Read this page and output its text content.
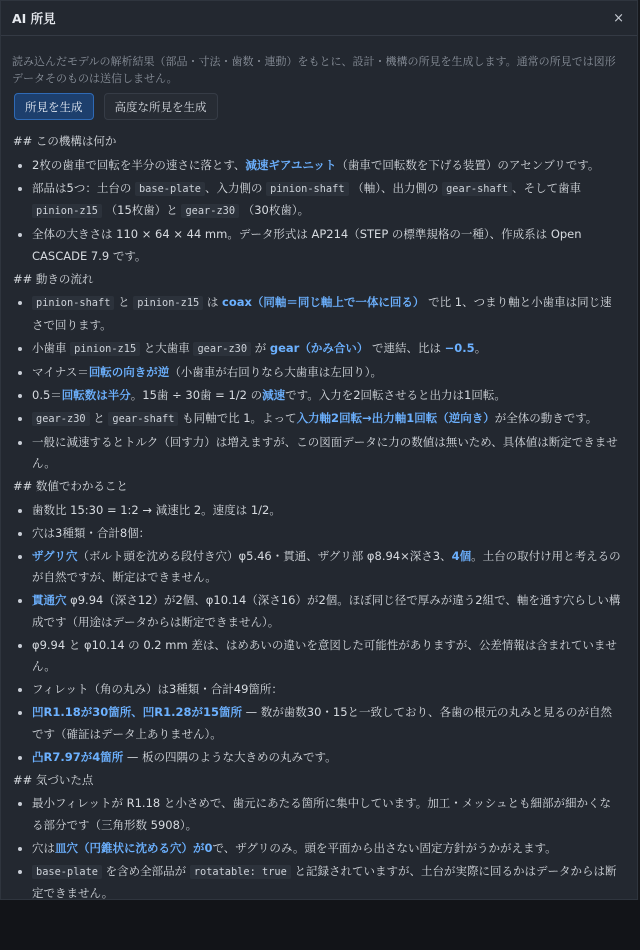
AI 所見	×
読み込んだモデルの解析結果（部品・寸法・歯数・連動）をもとに、設計・機構の所見を生成します。通常の所見では図形データそのものは送信しません。
所見を生成	高度な所見を生成
## この機構は何か
• 2枚の歯車で回転を半分の速さに落とす、減速ギアユニット（歯車で回転数を下げる装置）のアセンブリです。
• 部品は5つ：土台の base-plate 、入力側の pinion-shaft （軸）、出力側の gear-shaft 、そして歯車 pinion-z15 （15枚歯）と gear-z30 （30枚歯）。
• 全体の大きさは 110 × 64 × 44 mm。データ形式は AP214（STEP の標準規格の一種）、作成系は Open CASCADE 7.9 です。
## 動きの流れ
• pinion-shaft と pinion-z15 は coax（同軸＝同じ軸上で一体に回る） で比 1、つまり軸と小歯車は同じ速さで回ります。
• 小歯車 pinion-z15 と大歯車 gear-z30 が gear（かみ合い） で連結、比は −0.5。
• マイナス＝回転の向きが逆（小歯車が右回りなら大歯車は左回り）。
• 0.5＝回転数は半分。15歯 ÷ 30歯 = 1/2 の減速です。入力を2回転させると出力は1回転。
• gear-z30 と gear-shaft も同軸で比 1。よって入力軸2回転→出力軸1回転（逆向き）が全体の動きです。
• 一般に減速するとトルク（回す力）は増えますが、この図面データに力の数値は無いため、具体値は断定できません。
## 数値でわかること
• 歯数比 15:30 = 1:2 → 減速比 2。速度は 1/2。
• 穴は3種類・合計8個：
• ザグリ穴（ボルト頭を沈める段付き穴）φ5.46・貫通、ザグリ部 φ8.94×深さ3、4個。土台の取付け用と考えるのが自然ですが、断定はできません。
• 貫通穴 φ9.94（深さ12）が2個、φ10.14（深さ16）が2個。ほぼ同じ径で厚みが違う2組で、軸を通す穴らしい構成です（用途はデータからは断定できません）。
• φ9.94 と φ10.14 の 0.2 mm 差は、はめあいの違いを意図した可能性がありますが、公差情報は含まれていません。
• フィレット（角の丸み）は3種類・合計49箇所：
• 凹R1.18が30箇所、凹R1.28が15箇所 — 数が歯数30・15と一致しており、各歯の根元の丸みと見るのが自然です（確証はデータ上ありません）。
• 凸R7.97が4箇所 — 板の四隅のような大きめの丸みです。
## 気づいた点
• 最小フィレットが R1.18 と小さめで、歯元にあたる箇所に集中しています。加工・メッシュとも細部が細かくなる部分です（三角形数 5908）。
• 穴は皿穴（円錐状に沈める穴）が0で、ザグリのみ。頭を平面から出さない固定方針がうかがえます。
• base-plate を含め全部品が rotatable: true と記録されていますが、土台が実際に回るかはデータからは断定できません。
